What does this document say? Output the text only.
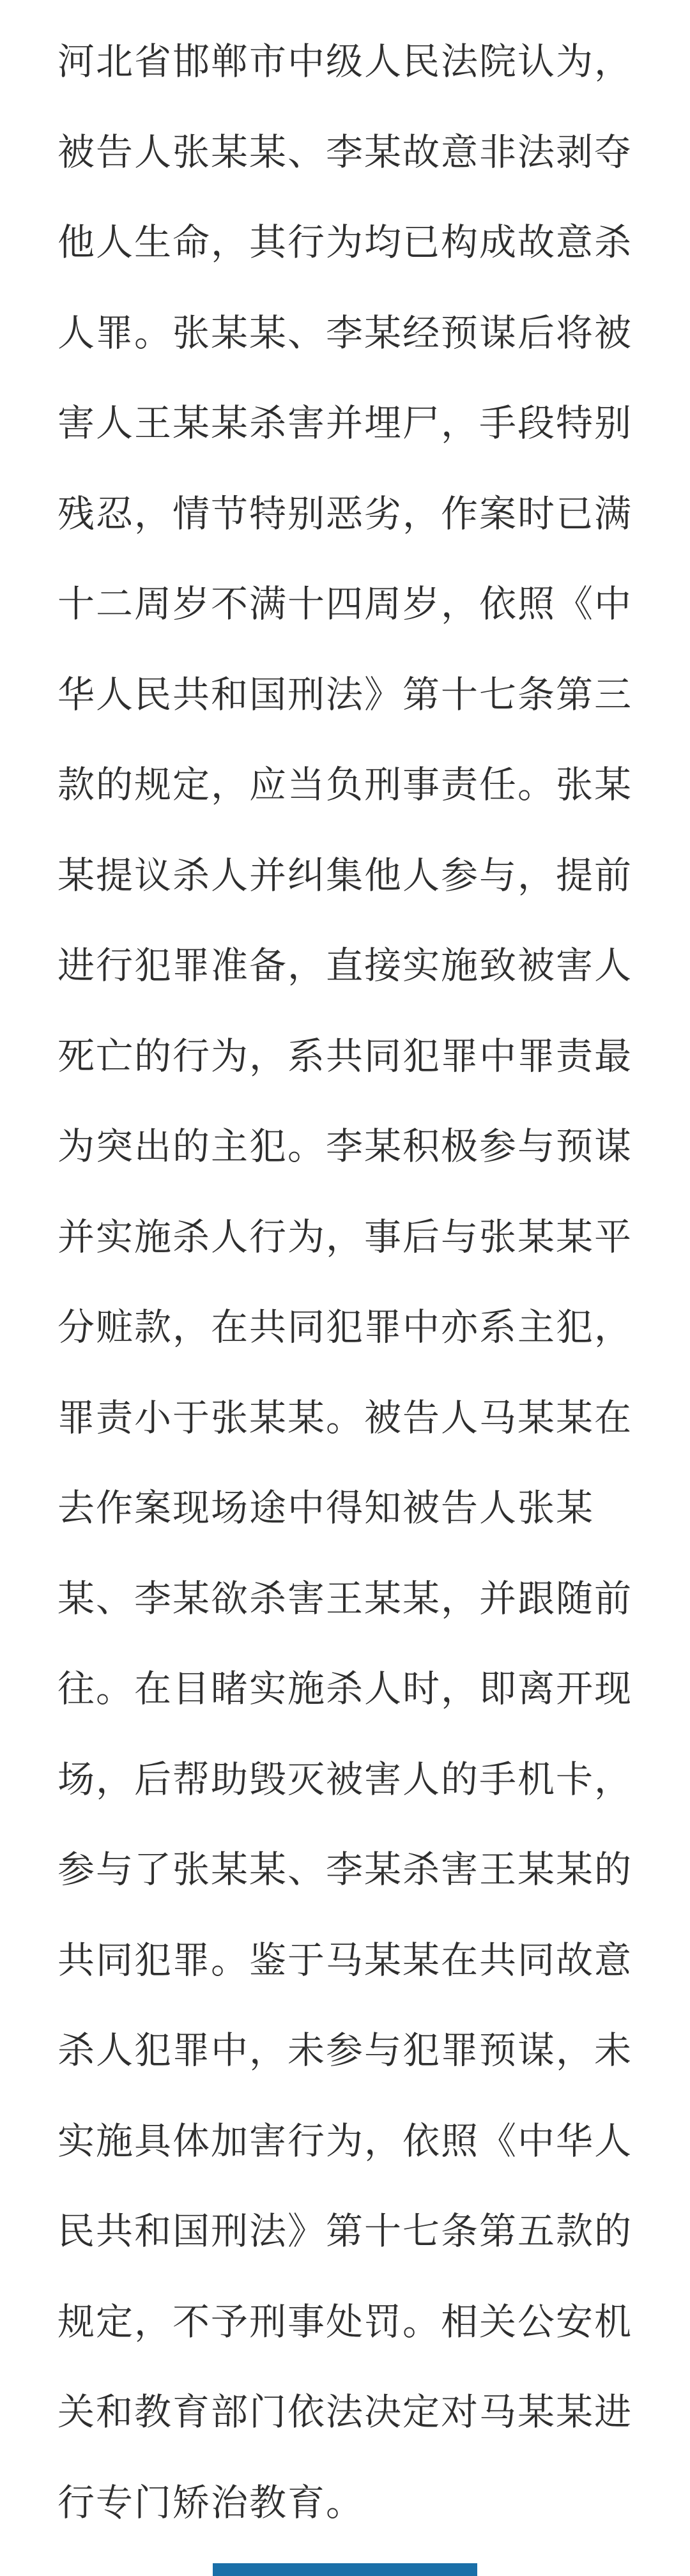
河北省邯郸市中级人民法院认为，
被告人张某某、李某故意非法剥夺
他人生命，其行为均已构成故意杀
人罪。张某某、李某经预谋后将被
害人王某某杀害并埋尸，手段特别
残忍，情节特别恶劣，作案时已满
十二周岁不满十四周岁，依照《中
华人民共和国刑法》第十七条第三
款的规定，应当负刑事责任。张某
某提议杀人并纠集他人参与，提前
进行犯罪准备，直接实施致被害人
死亡的行为，系共同犯罪中罪责最
为突出的主犯。李某积极参与预谋
并实施杀人行为，事后与张某某平
分赃款，在共同犯罪中亦系主犯，
罪责小于张某某。被告人马某某在
去作案现场途中得知被告人张某
某、李某欲杀害王某某，并跟随前
往。在目睹实施杀人时，即离开现
场，后帮助毁灭被害人的手机卡，
参与了张某某、李某杀害王某某的
共同犯罪。鉴于马某某在共同故意
杀人犯罪中，未参与犯罪预谋，未
实施具体加害行为，依照《中华人
民共和国刑法》第十七条第五款的
规定，不予刑事处罚。相关公安机
关和教育部门依法决定对马某某进
行专门矫治教育。
